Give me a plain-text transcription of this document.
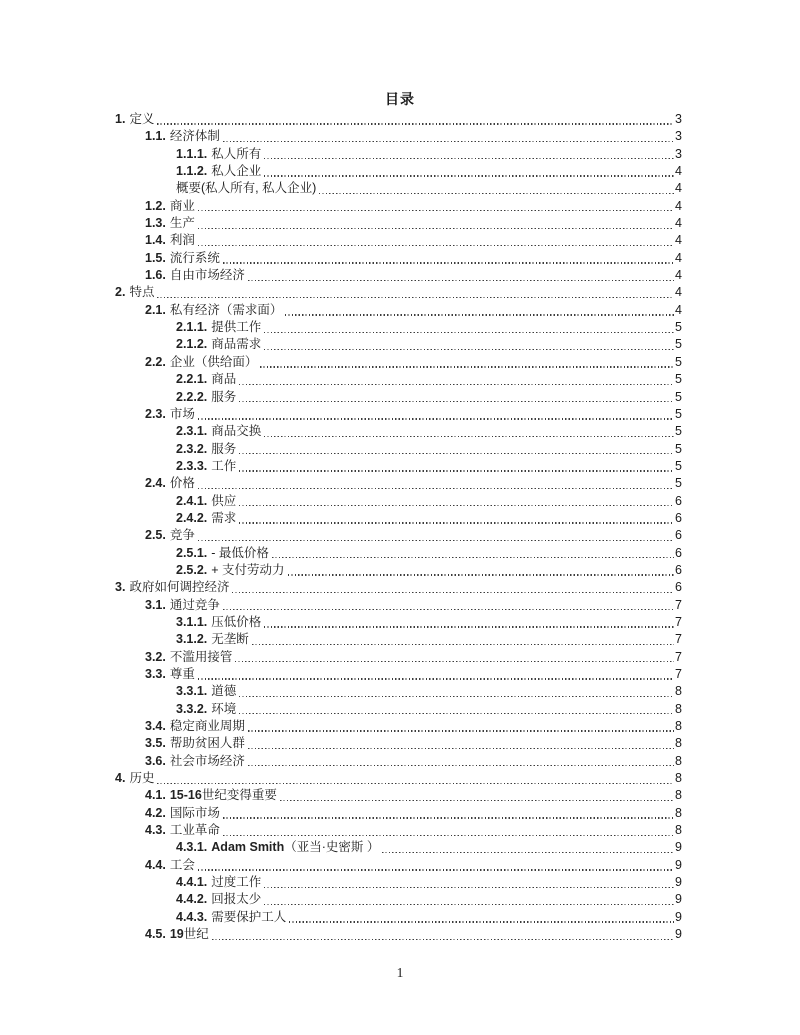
目录
1. 定义	3
1.1. 经济体制	3
1.1.1. 私人所有	3
1.1.2. 私人企业	4
概要(私人所有, 私人企业)	4
1.2. 商业	4
1.3. 生产	4
1.4. 利润	4
1.5. 流行系统	4
1.6. 自由市场经济	4
2. 特点	4
2.1. 私有经济（需求面）	4
2.1.1. 提供工作	5
2.1.2. 商品需求	5
2.2. 企业（供给面）	5
2.2.1. 商品	5
2.2.2. 服务	5
2.3. 市场	5
2.3.1. 商品交换	5
2.3.2. 服务	5
2.3.3. 工作	5
2.4. 价格	5
2.4.1. 供应	6
2.4.2. 需求	6
2.5. 竞争	6
2.5.1. - 最低价格	6
2.5.2. + 支付劳动力	6
3. 政府如何调控经济	6
3.1. 通过竞争	7
3.1.1. 压低价格	7
3.1.2. 无垄断	7
3.2. 不滥用接管	7
3.3. 尊重	7
3.3.1. 道德	8
3.3.2. 环境	8
3.4. 稳定商业周期	8
3.5. 帮助贫困人群	8
3.6. 社会市场经济	8
4. 历史	8
4.1. 15-16世纪变得重要	8
4.2. 国际市场	8
4.3. 工业革命	8
4.3.1. Adam Smith（亚当·史密斯 ）	9
4.4. 工会	9
4.4.1. 过度工作	9
4.4.2. 回报太少	9
4.4.3. 需要保护工人	9
4.5. 19世纪	9
1
